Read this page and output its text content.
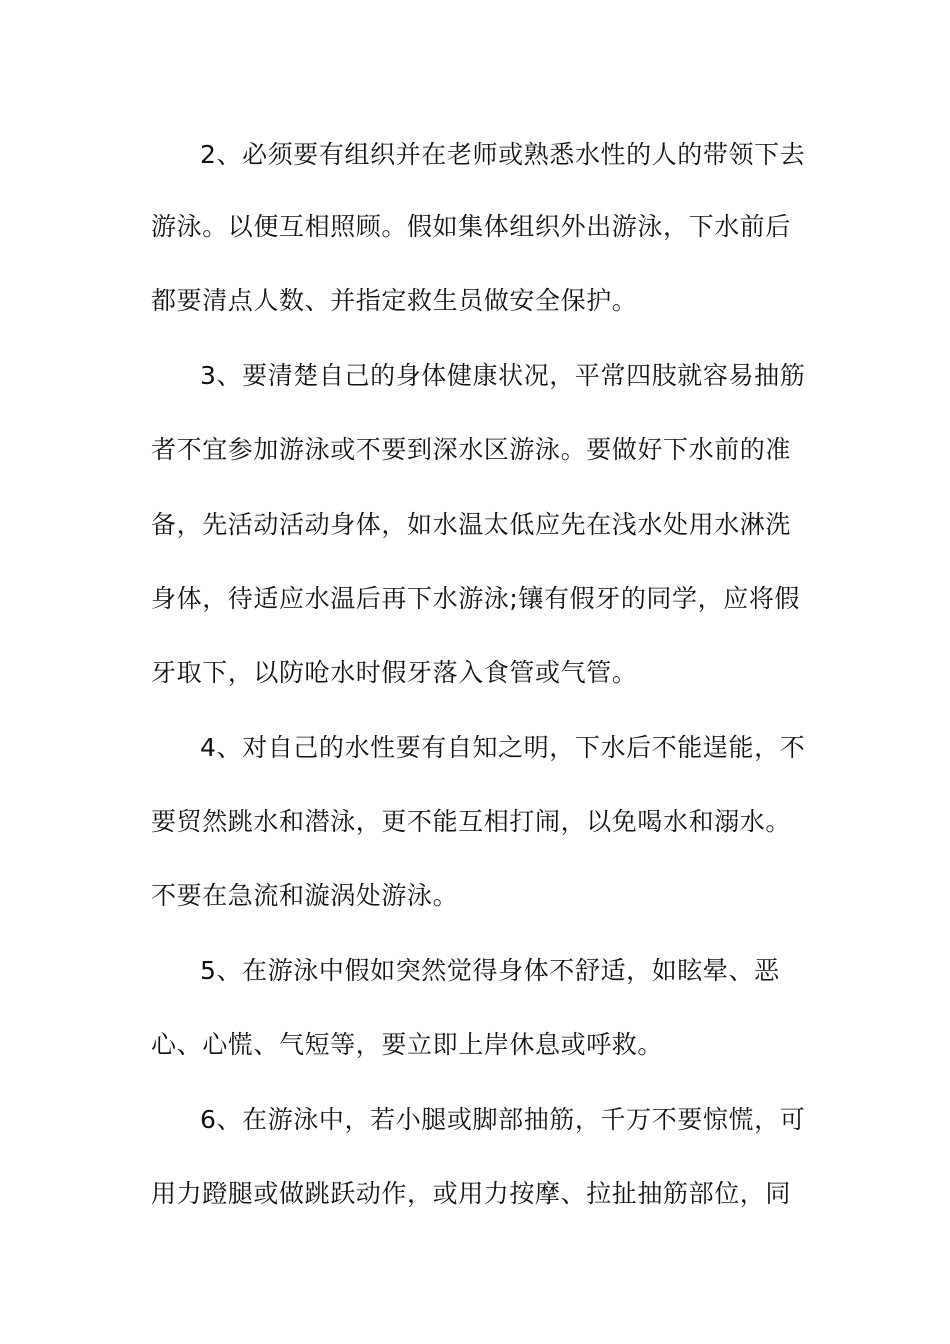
2、必须要有组织并在老师或熟悉水性的人的带领下去
游泳。以便互相照顾。假如集体组织外出游泳，下水前后
都要清点人数、并指定救生员做安全保护。
3、要清楚自己的身体健康状况，平常四肢就容易抽筋
者不宜参加游泳或不要到深水区游泳。要做好下水前的准
备，先活动活动身体，如水温太低应先在浅水处用水淋洗
身体，待适应水温后再下水游泳;镶有假牙的同学，应将假
牙取下，以防呛水时假牙落入食管或气管。
4、对自己的水性要有自知之明，下水后不能逞能，不
要贸然跳水和潜泳，更不能互相打闹，以免喝水和溺水。
不要在急流和漩涡处游泳。
5、在游泳中假如突然觉得身体不舒适，如眩晕、恶
心、心慌、气短等，要立即上岸休息或呼救。
6、在游泳中，若小腿或脚部抽筋，千万不要惊慌，可
用力蹬腿或做跳跃动作，或用力按摩、拉扯抽筋部位，同
